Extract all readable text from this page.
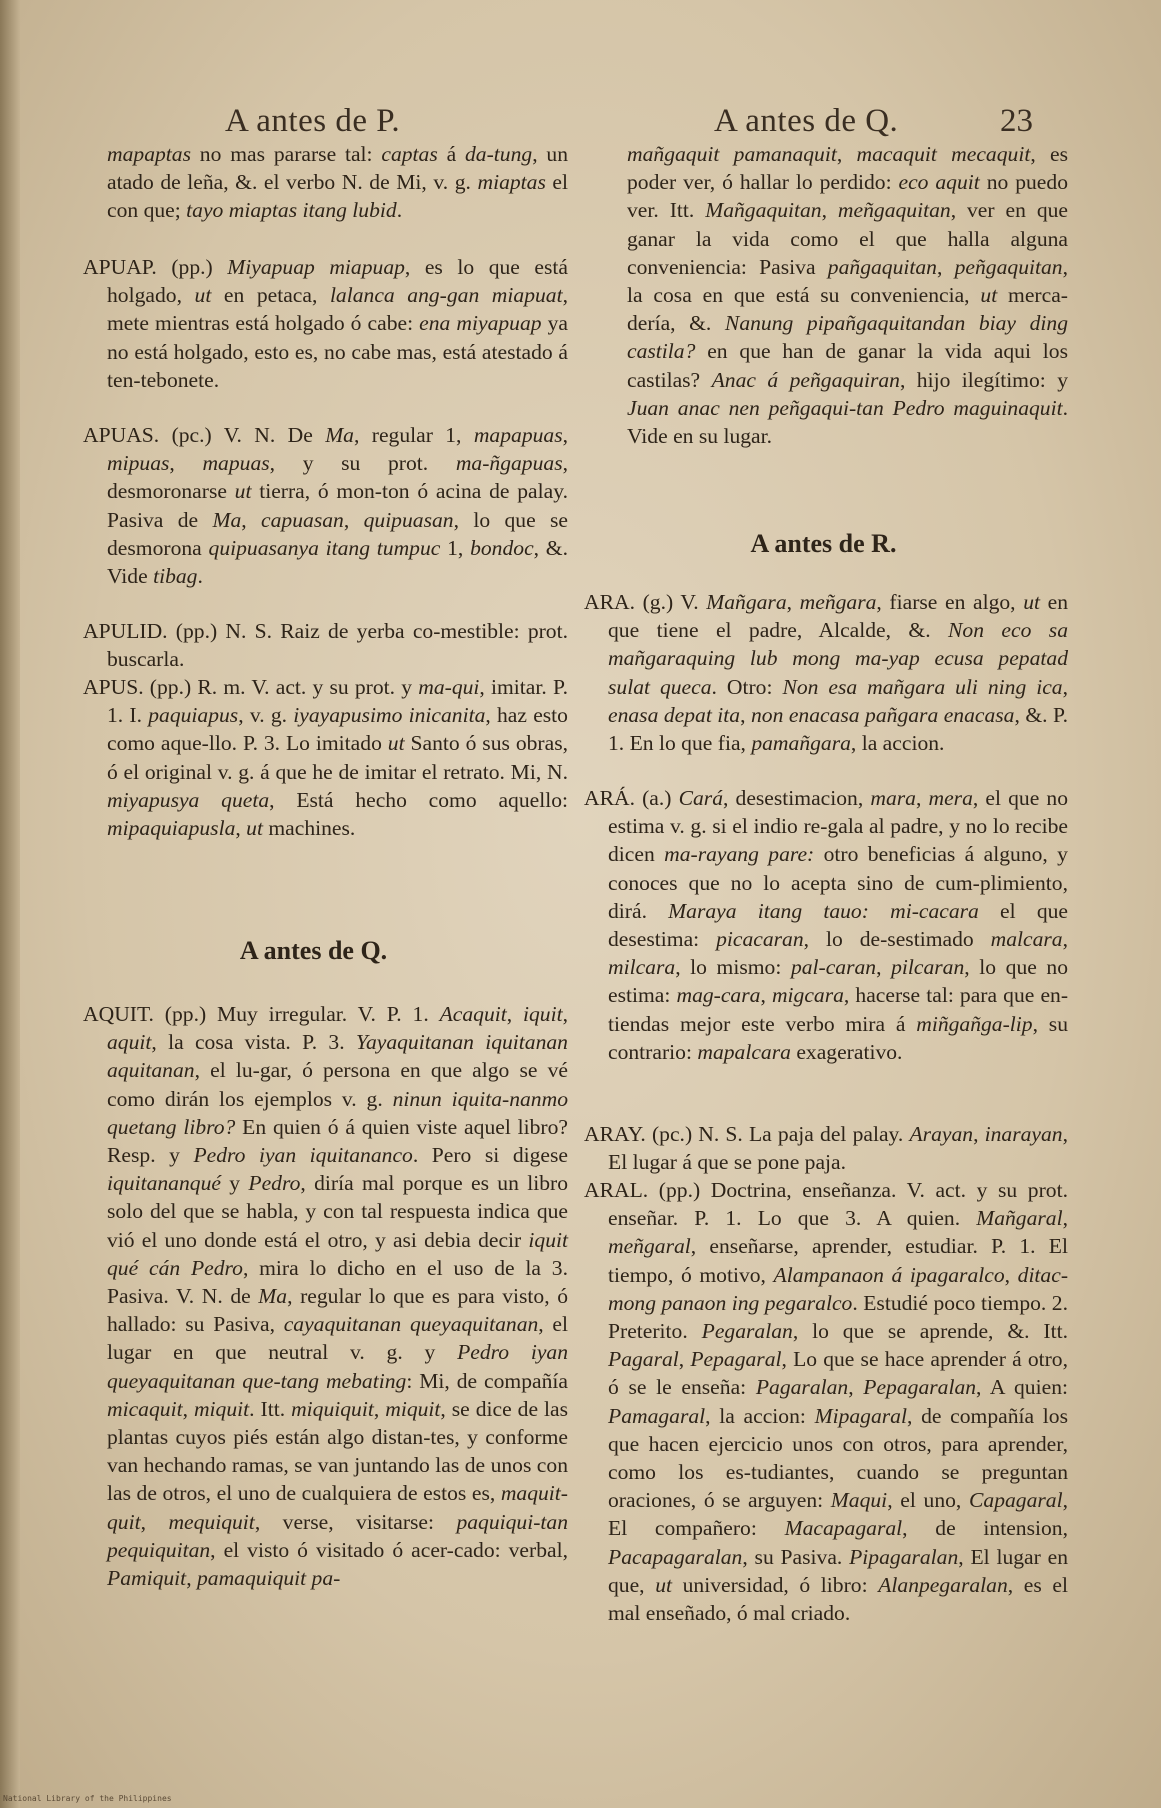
A antes de P.	A antes de Q.	23
mapaptas no mas pararse tal: captas á da-tung, un atado de leña, &. el verbo N. de Mi, v. g. miaptas el con que; tayo miaptas itang lubid.
APUAP. (pp.) Miyapuap miapuap, es lo que está holgado, ut en petaca, lalanca ang-gan miapuat, mete mientras está holgado ó cabe: ena miyapuap ya no está holgado, esto es, no cabe mas, está atestado á ten-tebonete.
APUAS. (pc.) V. N. De Ma, regular 1, mapapuas, mipuas, mapuas, y su prot. ma-ñgapuas, desmoronarse ut tierra, ó mon-ton ó acina de palay. Pasiva de Ma, capuasan, quipuasan, lo que se desmorona quipuasanya itang tumpuc 1, bondoc, &. Vide tibag.
APULID. (pp.) N. S. Raiz de yerba co-mestible: prot. buscarla.
APUS. (pp.) R. m. V. act. y su prot. y ma-qui, imitar. P. 1. I. paquiapus, v. g. iyayapusimo inicanita, haz esto como aque-llo. P. 3. Lo imitado ut Santo ó sus obras, ó el original v. g. á que he de imitar el retrato. Mi, N. miyapusya queta, Está hecho como aquello: mipaquiapusla, ut machines.
AQUIT. (pp.) Muy irregular. V. P. 1. Acaquit, iquit, aquit, la cosa vista. P. 3. Yayaquitanan iquitanan aquitanan, el lu-gar, ó persona en que algo se vé como dirán los ejemplos v. g. ninun iquita-nanmo quetang libro? En quien ó á quien viste aquel libro? Resp. y Pedro iyan iquitananco. Pero si digese iquitananqué y Pedro, diría mal porque es un libro solo del que se habla, y con tal respuesta indica que vió el uno donde está el otro, y asi debia decir iquit qué cán Pedro, mira lo dicho en el uso de la 3. Pasiva. V. N. de Ma, regular lo que es para visto, ó hallado: su Pasiva, cayaquitanan queyaquitanan, el lugar en que neutral v. g. y Pedro iyan queyaquitanan que-tang mebating: Mi, de compañía micaquit, miquit. Itt. miquiquit, miquit, se dice de las plantas cuyos piés están algo distan-tes, y conforme van hechando ramas, se van juntando las de unos con las de otros, el uno de cualquiera de estos es, maquit-quit, mequiquit, verse, visitarse: paquiqui-tan pequiquitan, el visto ó visitado ó acer-cado: verbal, Pamiquit, pamaquiquit pa-
A antes de Q.
mañgaquit pamanaquit, macaquit mecaquit, es poder ver, ó hallar lo perdido: eco aquit no puedo ver. Itt. Mañgaquitan, meñgaquitan, ver en que ganar la vida como el que halla alguna conveniencia: Pasiva pañgaquitan, peñgaquitan, la cosa en que está su conveniencia, ut merca-dería, &. Nanung pipañgaquitandan biay ding castila? en que han de ganar la vida aqui los castilas? Anac á peñgaquiran, hijo ilegítimo: y Juan anac nen peñgaqui-tan Pedro maguinaquit. Vide en su lugar.
ARA. (g.) V. Mañgara, meñgara, fiarse en algo, ut en que tiene el padre, Alcalde, &. Non eco sa mañgaraquing lub mong ma-yap ecusa pepatad sulat queca. Otro: Non esa mañgara uli ning ica, enasa depat ita, non enacasa pañgara enacasa, &. P. 1. En lo que fia, pamañgara, la accion.
ARÁ. (a.) Cará, desestimacion, mara, mera, el que no estima v. g. si el indio re-gala al padre, y no lo recibe dicen ma-rayang pare: otro beneficias á alguno, y conoces que no lo acepta sino de cum-plimiento, dirá. Maraya itang tauo: mi-cacara el que desestima: picacaran, lo de-sestimado malcara, milcara, lo mismo: pal-caran, pilcaran, lo que no estima: mag-cara, migcara, hacerse tal: para que en-tiendas mejor este verbo mira á miñgañga-lip, su contrario: mapalcara exagerativo.
ARAY. (pc.) N. S. La paja del palay. Arayan, inarayan, El lugar á que se pone paja.
ARAL. (pp.) Doctrina, enseñanza. V. act. y su prot. enseñar. P. 1. Lo que 3. A quien. Mañgaral, meñgaral, enseñarse, aprender, estudiar. P. 1. El tiempo, ó motivo, Alampanaon á ipagaralco, ditac-mong panaon ing pegaralco. Estudié poco tiempo. 2. Preterito. Pegaralan, lo que se aprende, &. Itt. Pagaral, Pepagaral, Lo que se hace aprender á otro, ó se le enseña: Pagaralan, Pepagaralan, A quien: Pamagaral, la accion: Mipagaral, de compañía los que hacen ejercicio unos con otros, para aprender, como los es-tudiantes, cuando se preguntan oraciones, ó se arguyen: Maqui, el uno, Capagaral, El compañero: Macapagaral, de intension, Pacapagaralan, su Pasiva. Pipagaralan, El lugar en que, ut universidad, ó libro: Alanpegaralan, es el mal enseñado, ó mal criado.
A antes de R.
National Library of the Philippines
